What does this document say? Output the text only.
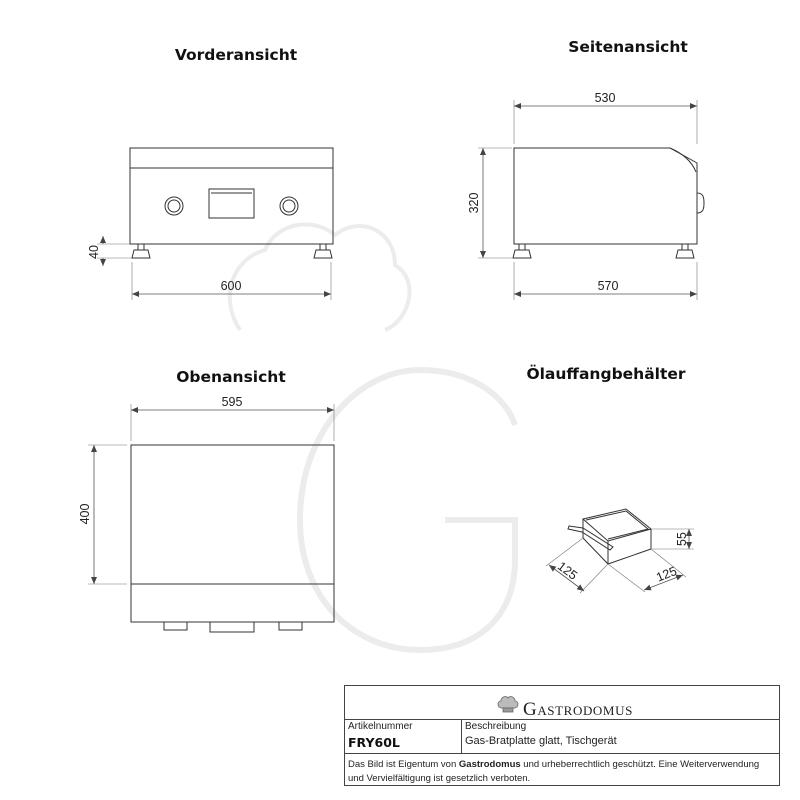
Vorderansicht
40
600
Seitenansicht
530
320
570
Obenansicht
595
400
Ölauffangbehälter
55
125	125
Gastrodomus
Artikelnummer
FRY60L
Beschreibung
Gas-Bratplatte glatt, Tischgerät
Das Bild ist Eigentum von Gastrodomus und urheberrechtlich geschützt. Eine Weiterverwendung und Vervielfältigung ist gesetzlich verboten.
